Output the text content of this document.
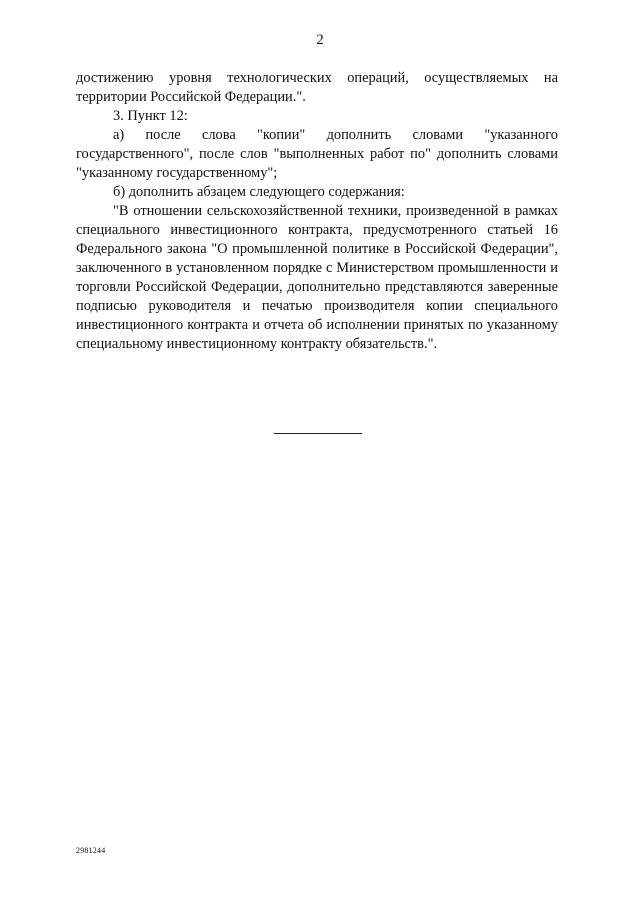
2

достижению уровня технологических операций, осуществляемых на территории Российской Федерации.".

3. Пункт 12:

а) после слова "копии" дополнить словами "указанного государственного", после слов "выполненных работ по" дополнить словами "указанному государственному";

б) дополнить абзацем следующего содержания:

"В отношении сельскохозяйственной техники, произведенной в рамках специального инвестиционного контракта, предусмотренного статьей 16 Федерального закона "О промышленной политике в Российской Федерации", заключенного в установленном порядке с Министерством промышленности и торговли Российской Федерации, дополнительно представляются заверенные подписью руководителя и печатью производителя копии специального инвестиционного контракта и отчета об исполнении принятых по указанному специальному инвестиционному контракту обязательств.".

2981244
